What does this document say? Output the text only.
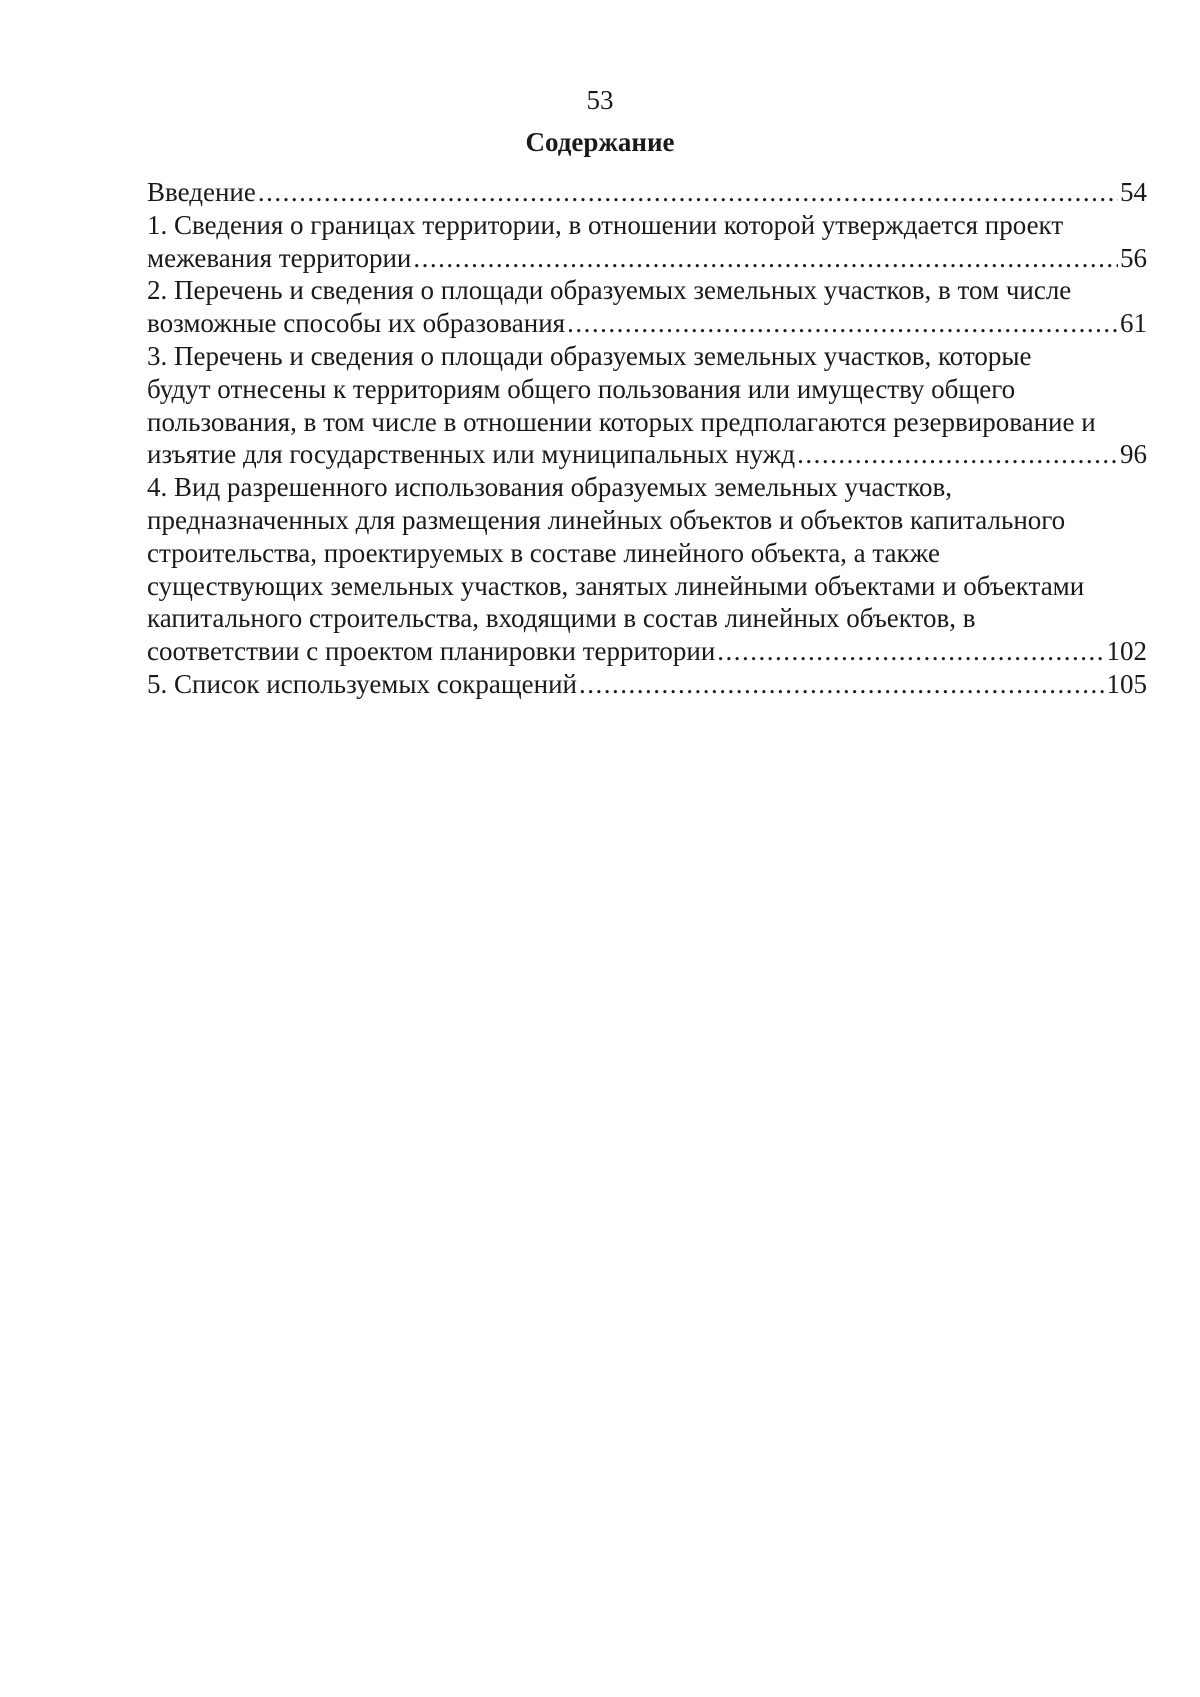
53
Содержание
Введение .....	54
1. Сведения о границах территории, в отношении которой утверждается проект
межевания территории .....	56
2. Перечень и сведения о площади образуемых земельных участков, в том числе
возможные способы их образования .....	61
3. Перечень и сведения о площади образуемых земельных участков, которые
будут отнесены к территориям общего пользования или имуществу общего
пользования, в том числе в отношении которых предполагаются резервирование и
изъятие для государственных или муниципальных нужд .....	96
4. Вид разрешенного использования образуемых земельных участков,
предназначенных для размещения линейных объектов и объектов капитального
строительства, проектируемых в составе линейного объекта, а также
существующих земельных участков, занятых линейными объектами и объектами
капитального строительства, входящими в состав линейных объектов, в
соответствии с проектом планировки территории .....	102
5. Список используемых сокращений .....	105
